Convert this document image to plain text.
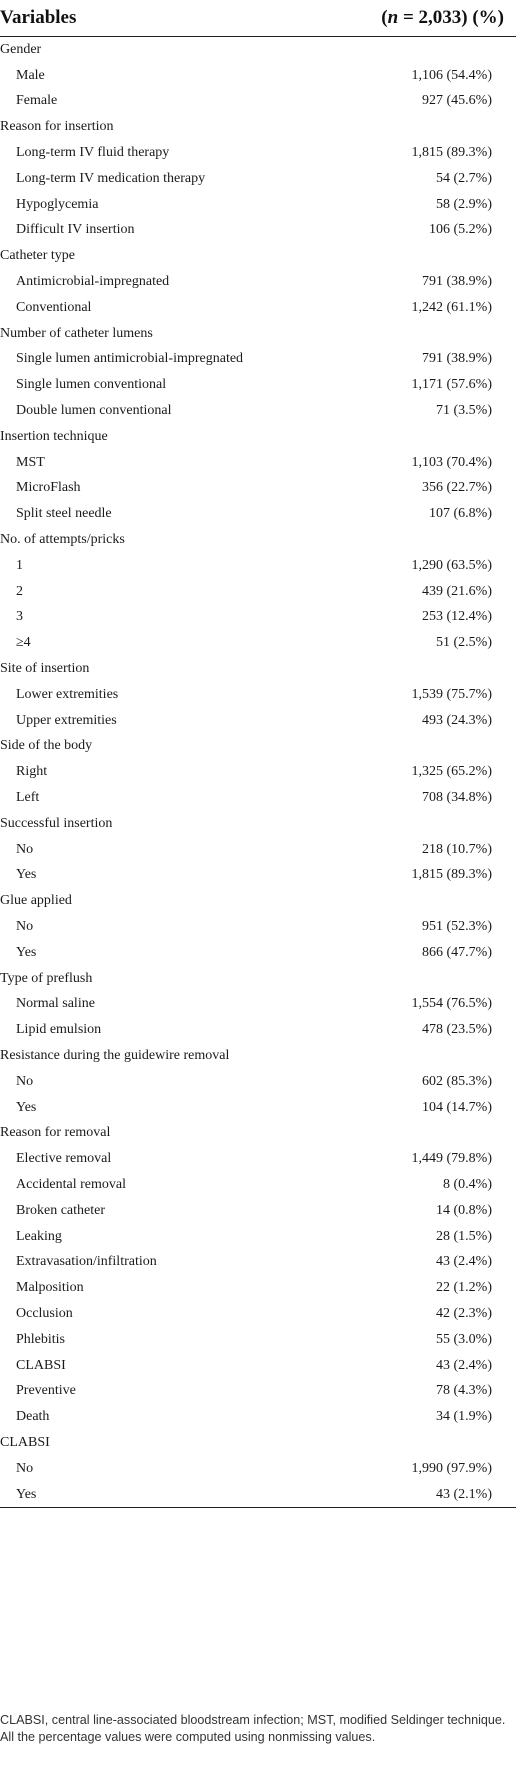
Variables	(n = 2,033) (%)
Gender	
Male	1,106 (54.4%)
Female	927 (45.6%)
Reason for insertion	
Long-term IV fluid therapy	1,815 (89.3%)
Long-term IV medication therapy	54 (2.7%)
Hypoglycemia	58 (2.9%)
Difficult IV insertion	106 (5.2%)
Catheter type	
Antimicrobial-impregnated	791 (38.9%)
Conventional	1,242 (61.1%)
Number of catheter lumens	
Single lumen antimicrobial-impregnated	791 (38.9%)
Single lumen conventional	1,171 (57.6%)
Double lumen conventional	71 (3.5%)
Insertion technique	
MST	1,103 (70.4%)
MicroFlash	356 (22.7%)
Split steel needle	107 (6.8%)
No. of attempts/pricks	
1	1,290 (63.5%)
2	439 (21.6%)
3	253 (12.4%)
≥4	51 (2.5%)
Site of insertion	
Lower extremities	1,539 (75.7%)
Upper extremities	493 (24.3%)
Side of the body	
Right	1,325 (65.2%)
Left	708 (34.8%)
Successful insertion	
No	218 (10.7%)
Yes	1,815 (89.3%)
Glue applied	
No	951 (52.3%)
Yes	866 (47.7%)
Type of preflush	
Normal saline	1,554 (76.5%)
Lipid emulsion	478 (23.5%)
Resistance during the guidewire removal	
No	602 (85.3%)
Yes	104 (14.7%)
Reason for removal	
Elective removal	1,449 (79.8%)
Accidental removal	8 (0.4%)
Broken catheter	14 (0.8%)
Leaking	28 (1.5%)
Extravasation/infiltration	43 (2.4%)
Malposition	22 (1.2%)
Occlusion	42 (2.3%)
Phlebitis	55 (3.0%)
CLABSI	43 (2.4%)
Preventive	78 (4.3%)
Death	34 (1.9%)
CLABSI	
No	1,990 (97.9%)
Yes	43 (2.1%)

CLABSI, central line-associated bloodstream infection; MST, modified Seldinger technique.

All the percentage values were computed using nonmissing values.
